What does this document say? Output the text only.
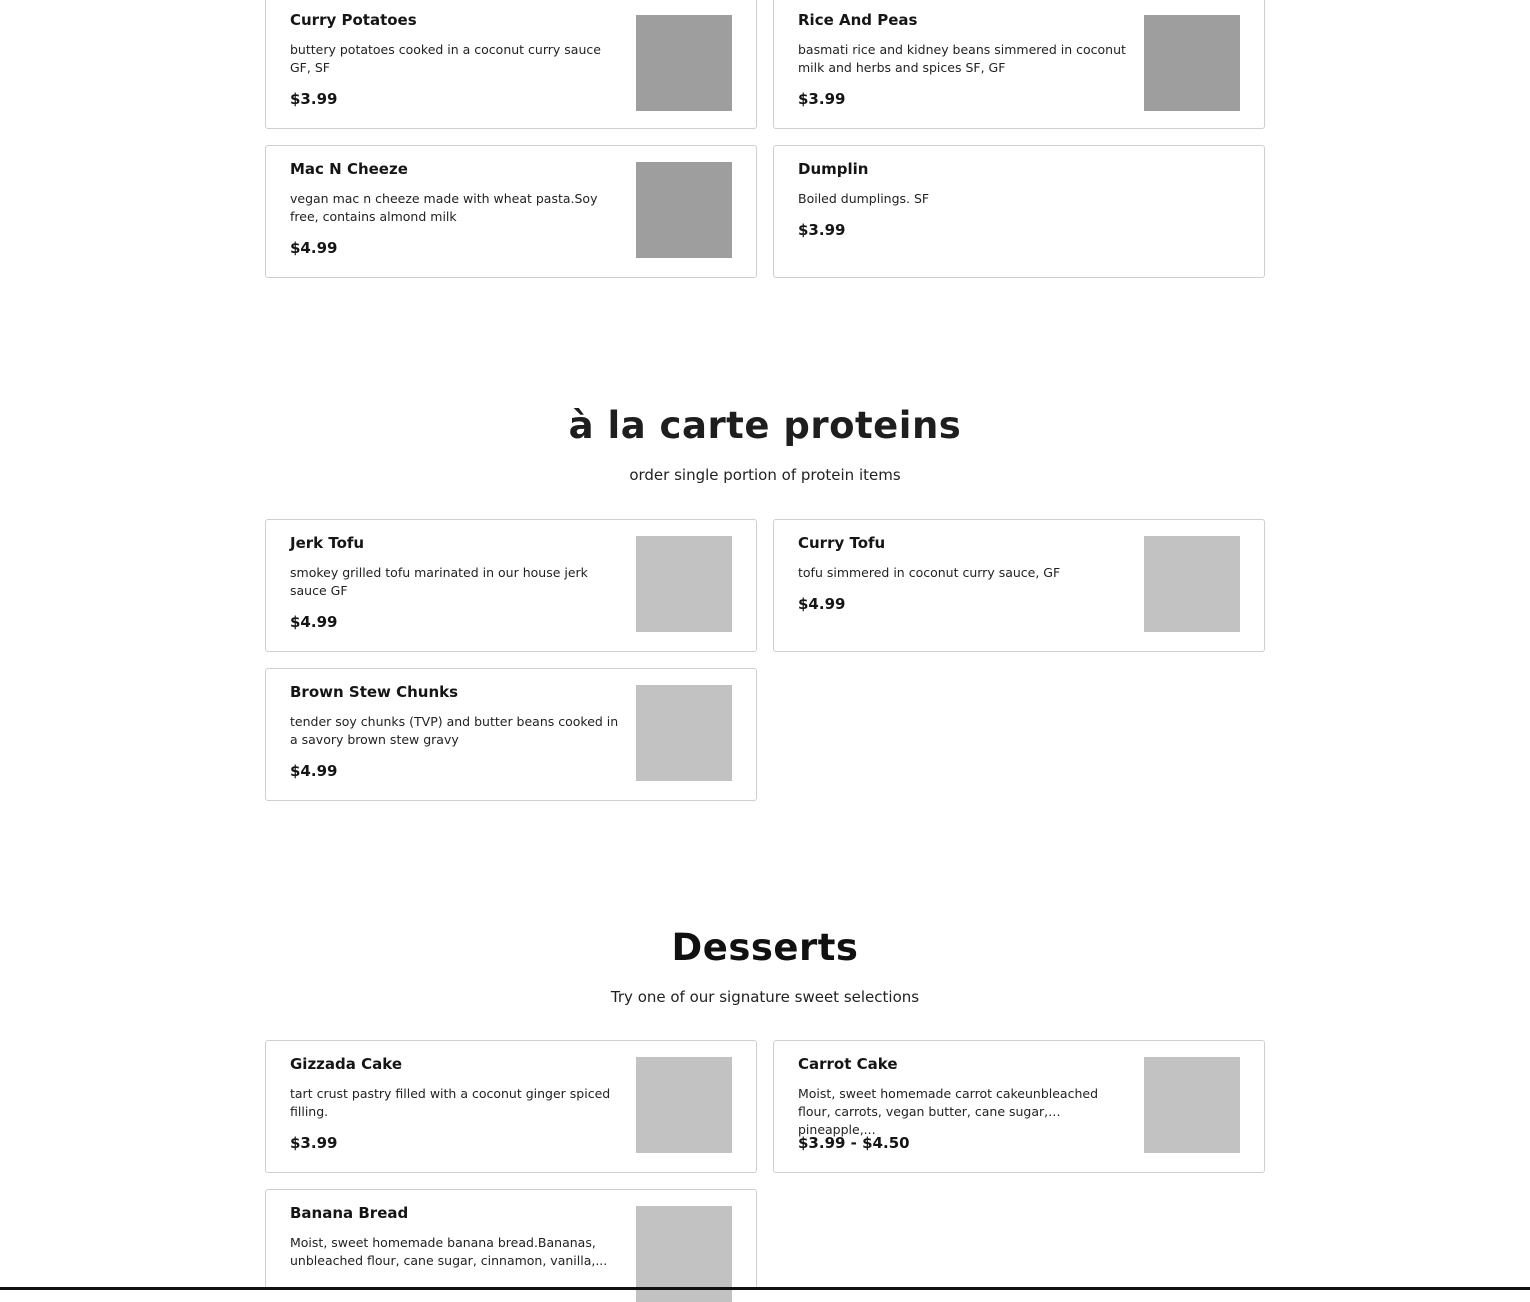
Curry Potatoes
buttery potatoes cooked in a coconut curry sauce GF, SF
$3.99
Rice And Peas
basmati rice and kidney beans simmered in coconut milk and herbs and spices SF, GF
$3.99
Mac N Cheeze
vegan mac n cheeze made with wheat pasta.Soy free, contains almond milk
$4.99
Dumplin
Boiled dumplings. SF
$3.99
à la carte proteins

order single portion of protein items

Jerk Tofu
smokey grilled tofu marinated in our house jerk sauce GF
$4.99
Curry Tofu
tofu simmered in coconut curry sauce, GF
$4.99
Brown Stew Chunks
tender soy chunks (TVP) and butter beans cooked in a savory brown stew gravy
$4.99
Desserts

Try one of our signature sweet selections

Gizzada Cake
tart crust pastry filled with a coconut ginger spiced filling.
$3.99
Carrot Cake
Moist, sweet homemade carrot cakeunbleached flour, carrots, vegan butter, cane sugar, pineapple,...
$3.99 - $4.50
Banana Bread
Moist, sweet homemade banana bread.Bananas, unbleached flour, cane sugar, cinnamon, vanilla,...
